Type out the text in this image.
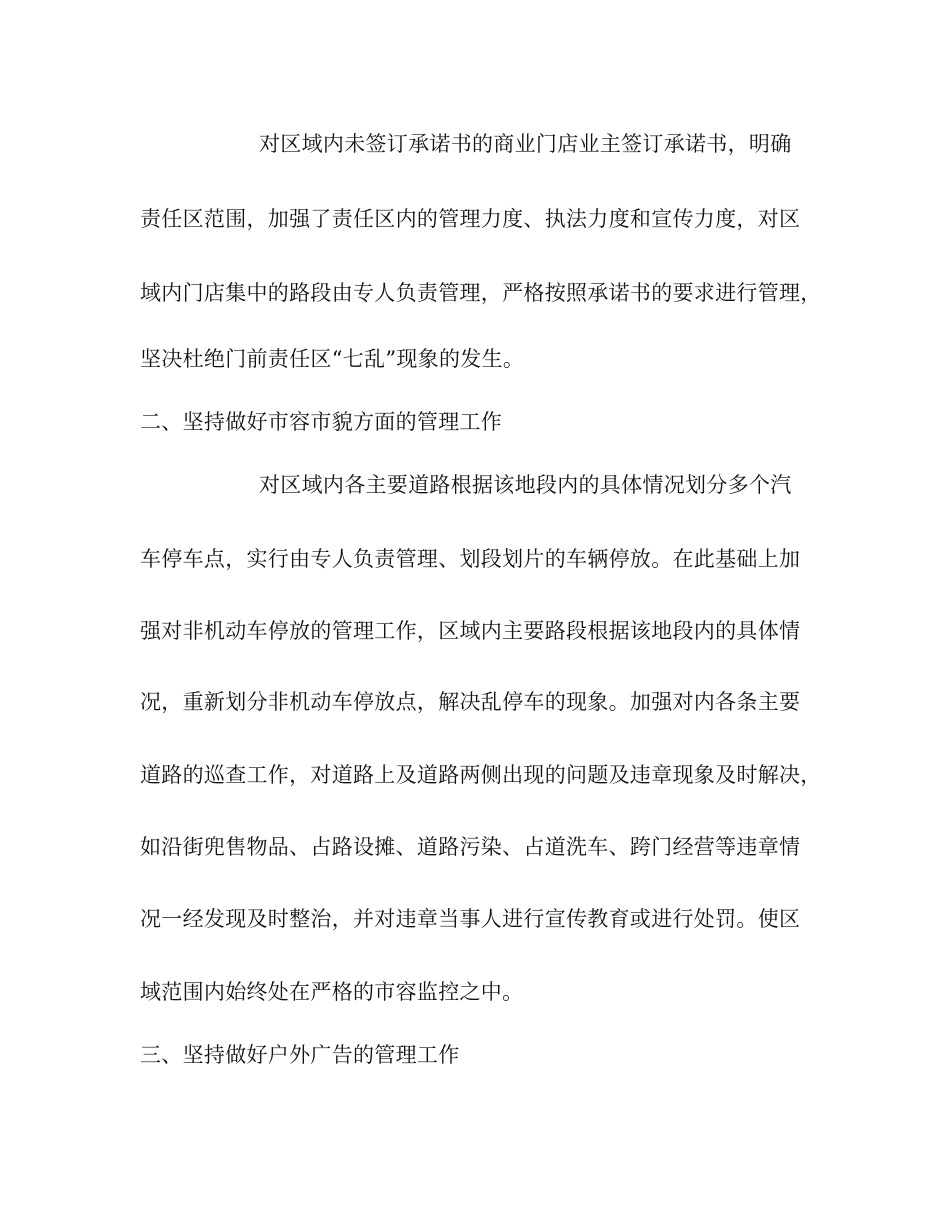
对区域内未签订承诺书的商业门店业主签订承诺书，明确
责任区范围，加强了责任区内的管理力度、执法力度和宣传力度，对区
域内门店集中的路段由专人负责管理，严格按照承诺书的要求进行管理，
坚决杜绝门前责任区“七乱”现象的发生。
二、坚持做好市容市貌方面的管理工作
对区域内各主要道路根据该地段内的具体情况划分多个汽
车停车点，实行由专人负责管理、划段划片的车辆停放。在此基础上加
强对非机动车停放的管理工作，区域内主要路段根据该地段内的具体情
况，重新划分非机动车停放点，解决乱停车的现象。加强对内各条主要
道路的巡查工作，对道路上及道路两侧出现的问题及违章现象及时解决，
如沿街兜售物品、占路设摊、道路污染、占道洗车、跨门经营等违章情
况一经发现及时整治，并对违章当事人进行宣传教育或进行处罚。使区
域范围内始终处在严格的市容监控之中。
三、坚持做好户外广告的管理工作
